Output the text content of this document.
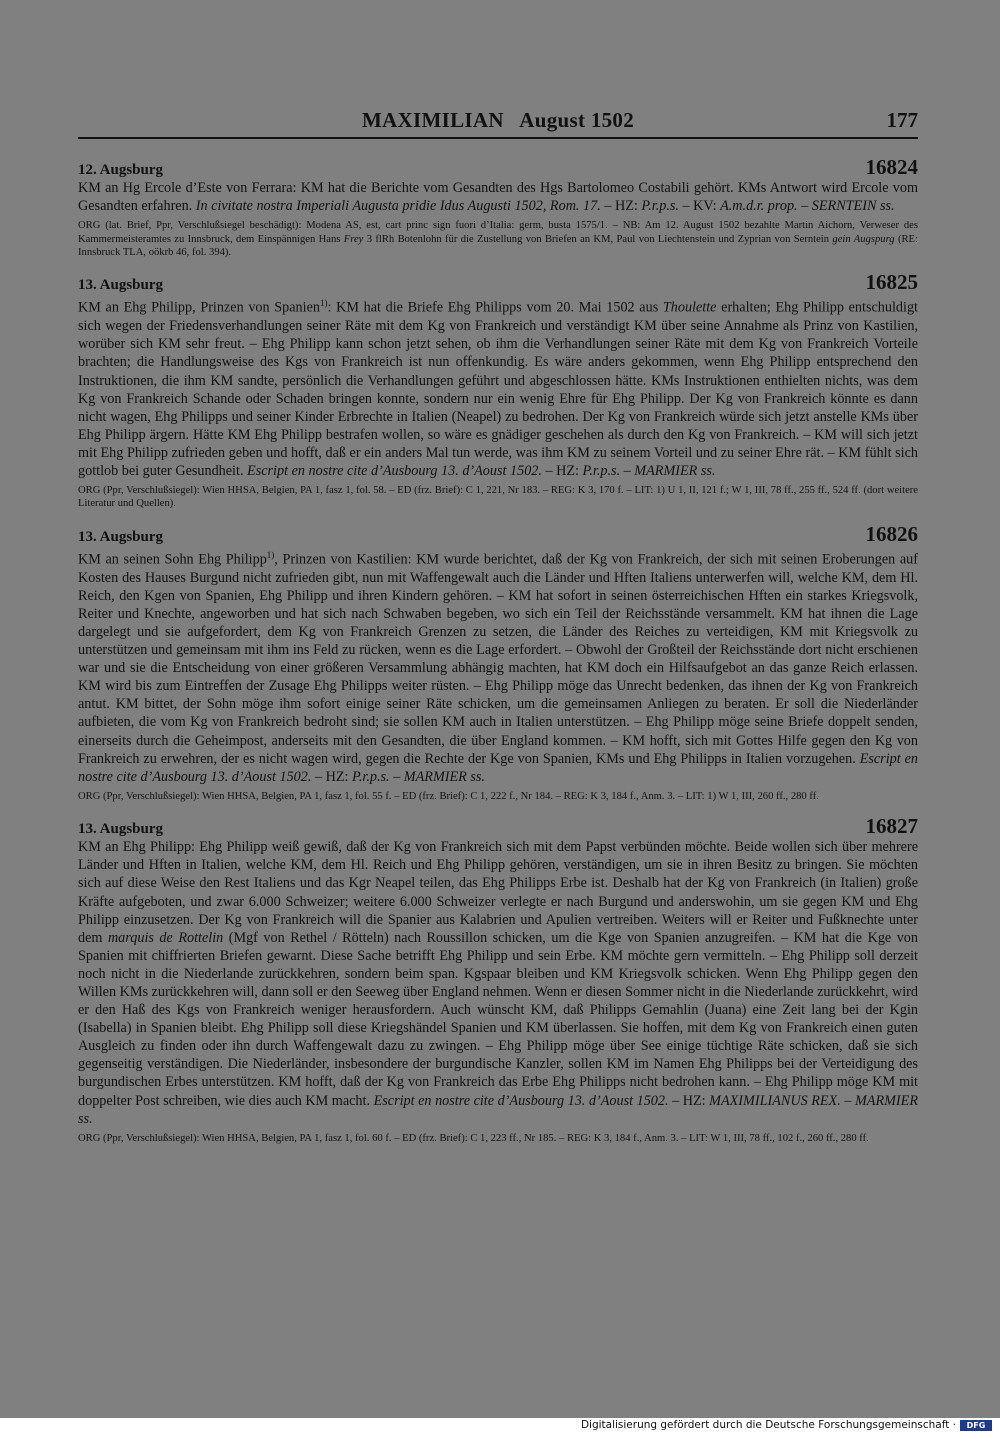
MAXIMILIAN   August 1502	177
12. Augsburg	16824
KM an Hg Ercole d’Este von Ferrara: KM hat die Berichte vom Gesandten des Hgs Bartolomeo Costabili gehört. KMs Antwort wird Ercole vom Gesandten erfahren. In civitate nostra Imperiali Augusta pridie Idus Augusti 1502, Rom. 17. – HZ: P.r.p.s. – KV: A.m.d.r. prop. – SERNTEIN ss.
ORG (lat. Brief, Ppr, Verschlußsiegel beschädigt): Modena AS, est, cart princ sign fuori d’Italia: germ, busta 1575/1. – NB: Am 12. August 1502 bezahlte Martin Aichorn, Verweser des Kammermeisteramtes zu Innsbruck, dem Einspännigen Hans Frey 3 flRh Botenlohn für die Zustellung von Briefen an KM, Paul von Liechtenstein und Zyprian von Serntein gein Augspurg (RE: Innsbruck TLA, oökrb 46, fol. 394).
13. Augsburg	16825
KM an Ehg Philipp, Prinzen von Spanien$^{1)}$: KM hat die Briefe Ehg Philipps vom 20. Mai 1502 aus Thoulette erhalten; Ehg Philipp entschuldigt sich wegen der Friedensverhandlungen seiner Räte mit dem Kg von Frankreich und verständigt KM über seine Annahme als Prinz von Kastilien, worüber sich KM sehr freut. – Ehg Philipp kann schon jetzt sehen, ob ihm die Verhandlungen seiner Räte mit dem Kg von Frankreich Vorteile brachten; die Handlungsweise des Kgs von Frankreich ist nun offenkundig. Es wäre anders gekommen, wenn Ehg Philipp entsprechend den Instruktionen, die ihm KM sandte, persönlich die Verhandlungen geführt und abgeschlossen hätte. KMs Instruktionen enthielten nichts, was dem Kg von Frankreich Schande oder Schaden bringen konnte, sondern nur ein wenig Ehre für Ehg Philipp. Der Kg von Frankreich könnte es dann nicht wagen, Ehg Philipps und seiner Kinder Erbrechte in Italien (Neapel) zu bedrohen. Der Kg von Frankreich würde sich jetzt anstelle KMs über Ehg Philipp ärgern. Hätte KM Ehg Philipp bestrafen wollen, so wäre es gnädiger geschehen als durch den Kg von Frankreich. – KM will sich jetzt mit Ehg Philipp zufrieden geben und hofft, daß er ein anders Mal tun werde, was ihm KM zu seinem Vorteil und zu seiner Ehre rät. – KM fühlt sich gottlob bei guter Gesundheit. Escript en nostre cite d’Ausbourg 13. d’Aoust 1502. – HZ: P.r.p.s. – MARMIER ss.
ORG (Ppr, Verschlußsiegel): Wien HHSA, Belgien, PA 1, fasz 1, fol. 58. – ED (frz. Brief): C 1, 221, Nr 183. – REG: K 3, 170 f. – LIT: 1) U 1, II, 121 f.; W 1, III, 78 ff., 255 ff., 524 ff. (dort weitere Literatur und Quellen).
13. Augsburg	16826
KM an seinen Sohn Ehg Philipp$^{1)}$, Prinzen von Kastilien: KM wurde berichtet, daß der Kg von Frankreich, der sich mit seinen Eroberungen auf Kosten des Hauses Burgund nicht zufrieden gibt, nun mit Waffengewalt auch die Länder und Hften Italiens unterwerfen will, welche KM, dem Hl. Reich, den Kgen von Spanien, Ehg Philipp und ihren Kindern gehören. – KM hat sofort in seinen österreichischen Hften ein starkes Kriegsvolk, Reiter und Knechte, angeworben und hat sich nach Schwaben begeben, wo sich ein Teil der Reichsstände versammelt. KM hat ihnen die Lage dargelegt und sie aufgefordert, dem Kg von Frankreich Grenzen zu setzen, die Länder des Reiches zu verteidigen, KM mit Kriegsvolk zu unterstützen und gemeinsam mit ihm ins Feld zu rücken, wenn es die Lage erfordert. – Obwohl der Großteil der Reichsstände dort nicht erschienen war und sie die Entscheidung von einer größeren Versammlung abhängig machten, hat KM doch ein Hilfsaufgebot an das ganze Reich erlassen. KM wird bis zum Eintreffen der Zusage Ehg Philipps weiter rüsten. – Ehg Philipp möge das Unrecht bedenken, das ihnen der Kg von Frankreich antut. KM bittet, der Sohn möge ihm sofort einige seiner Räte schicken, um die gemeinsamen Anliegen zu beraten. Er soll die Niederländer aufbieten, die vom Kg von Frankreich bedroht sind; sie sollen KM auch in Italien unterstützen. – Ehg Philipp möge seine Briefe doppelt senden, einerseits durch die Geheimpost, anderseits mit den Gesandten, die über England kommen. – KM hofft, sich mit Gottes Hilfe gegen den Kg von Frankreich zu erwehren, der es nicht wagen wird, gegen die Rechte der Kge von Spanien, KMs und Ehg Philipps in Italien vorzugehen. Escript en nostre cite d’Ausbourg 13. d’Aoust 1502. – HZ: P.r.p.s. – MARMIER ss.
ORG (Ppr, Verschlußsiegel): Wien HHSA, Belgien, PA 1, fasz 1, fol. 55 f. – ED (frz. Brief): C 1, 222 f., Nr 184. – REG: K 3, 184 f., Anm. 3. – LIT: 1) W 1, III, 260 ff., 280 ff.
13. Augsburg	16827
KM an Ehg Philipp: Ehg Philipp weiß gewiß, daß der Kg von Frankreich sich mit dem Papst verbünden möchte. Beide wollen sich über mehrere Länder und Hften in Italien, welche KM, dem Hl. Reich und Ehg Philipp gehören, verständigen, um sie in ihren Besitz zu bringen. Sie möchten sich auf diese Weise den Rest Italiens und das Kgr Neapel teilen, das Ehg Philipps Erbe ist. Deshalb hat der Kg von Frankreich (in Italien) große Kräfte aufgeboten, und zwar 6.000 Schweizer; weitere 6.000 Schweizer verlegte er nach Burgund und anderswohin, um sie gegen KM und Ehg Philipp einzusetzen. Der Kg von Frankreich will die Spanier aus Kalabrien und Apulien vertreiben. Weiters will er Reiter und Fußknechte unter dem marquis de Rottelin (Mgf von Rethel / Rötteln) nach Roussillon schicken, um die Kge von Spanien anzugreifen. – KM hat die Kge von Spanien mit chiffrierten Briefen gewarnt. Diese Sache betrifft Ehg Philipp und sein Erbe. KM möchte gern vermitteln. – Ehg Philipp soll derzeit noch nicht in die Niederlande zurückkehren, sondern beim span. Kgspaar bleiben und KM Kriegsvolk schicken. Wenn Ehg Philipp gegen den Willen KMs zurückkehren will, dann soll er den Seeweg über England nehmen. Wenn er diesen Sommer nicht in die Niederlande zurückkehrt, wird er den Haß des Kgs von Frankreich weniger herausfordern. Auch wünscht KM, daß Philipps Gemahlin (Juana) eine Zeit lang bei der Kgin (Isabella) in Spanien bleibt. Ehg Philipp soll diese Kriegshändel Spanien und KM überlassen. Sie hoffen, mit dem Kg von Frankreich einen guten Ausgleich zu finden oder ihn durch Waffengewalt dazu zu zwingen. – Ehg Philipp möge über See einige tüchtige Räte schicken, daß sie sich gegenseitig verständigen. Die Niederländer, insbesondere der burgundische Kanzler, sollen KM im Namen Ehg Philipps bei der Verteidigung des burgundischen Erbes unterstützen. KM hofft, daß der Kg von Frankreich das Erbe Ehg Philipps nicht bedrohen kann. – Ehg Philipp möge KM mit doppelter Post schreiben, wie dies auch KM macht. Escript en nostre cite d’Ausbourg 13. d’Aoust 1502. – HZ: MAXIMILIANUS REX. – MARMIER ss.
ORG (Ppr, Verschlußsiegel): Wien HHSA, Belgien, PA 1, fasz 1, fol. 60 f. – ED (frz. Brief): C 1, 223 ff., Nr 185. – REG: K 3, 184 f., Anm. 3. – LIT: W 1, III, 78 ff., 102 f., 260 ff., 280 ff.
Digitalisierung gefördert durch die Deutsche Forschungsgemeinschaft ·	DFG
